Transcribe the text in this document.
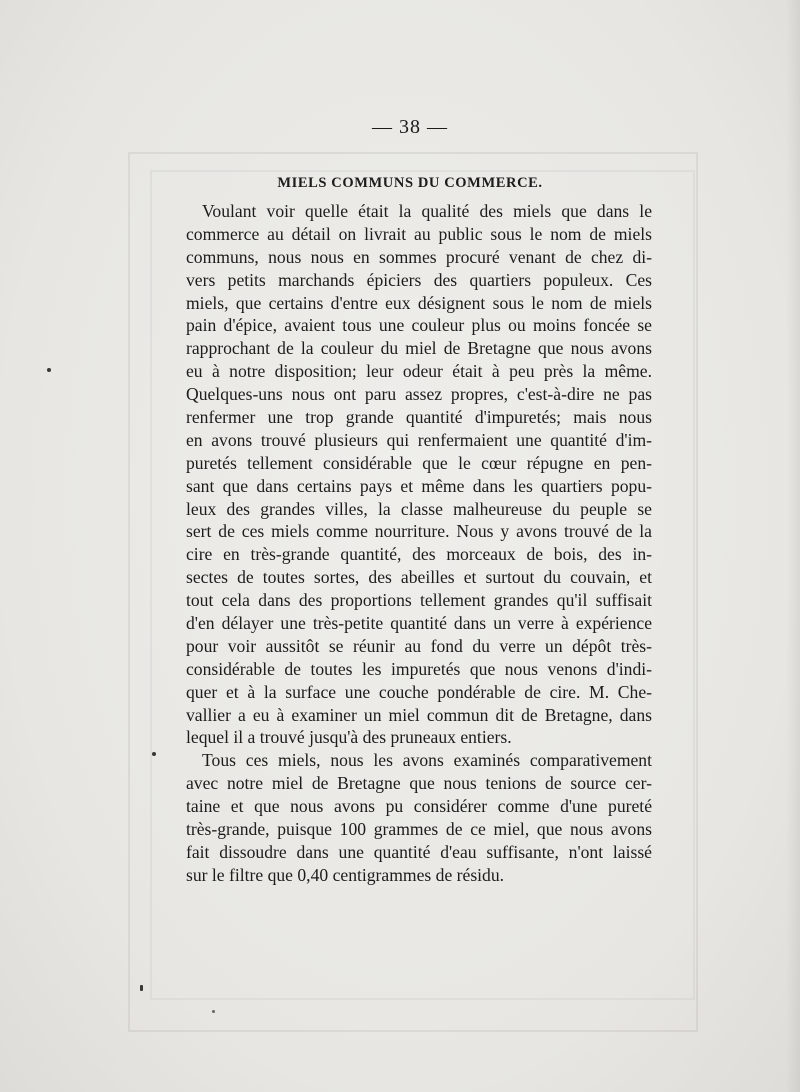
— 38 —
MIELS COMMUNS DU COMMERCE.
Voulant voir quelle était la qualité des miels que dans le
commerce au détail on livrait au public sous le nom de miels
communs, nous nous en sommes procuré venant de chez di-
vers petits marchands épiciers des quartiers populeux. Ces
miels, que certains d'entre eux désignent sous le nom de miels
pain d'épice, avaient tous une couleur plus ou moins foncée se
rapprochant de la couleur du miel de Bretagne que nous avons
eu à notre disposition; leur odeur était à peu près la même.
Quelques-uns nous ont paru assez propres, c'est-à-dire ne pas
renfermer une trop grande quantité d'impuretés; mais nous
en avons trouvé plusieurs qui renfermaient une quantité d'im-
puretés tellement considérable que le cœur répugne en pen-
sant que dans certains pays et même dans les quartiers popu-
leux des grandes villes, la classe malheureuse du peuple se
sert de ces miels comme nourriture. Nous y avons trouvé de la
cire en très-grande quantité, des morceaux de bois, des in-
sectes de toutes sortes, des abeilles et surtout du couvain, et
tout cela dans des proportions tellement grandes qu'il suffisait
d'en délayer une très-petite quantité dans un verre à expérience
pour voir aussitôt se réunir au fond du verre un dépôt très-
considérable de toutes les impuretés que nous venons d'indi-
quer et à la surface une couche pondérable de cire. M. Che-
vallier a eu à examiner un miel commun dit de Bretagne, dans
lequel il a trouvé jusqu'à des pruneaux entiers.
Tous ces miels, nous les avons examinés comparativement
avec notre miel de Bretagne que nous tenions de source cer-
taine et que nous avons pu considérer comme d'une pureté
très-grande, puisque 100 grammes de ce miel, que nous avons
fait dissoudre dans une quantité d'eau suffisante, n'ont laissé
sur le filtre que 0,40 centigrammes de résidu.
